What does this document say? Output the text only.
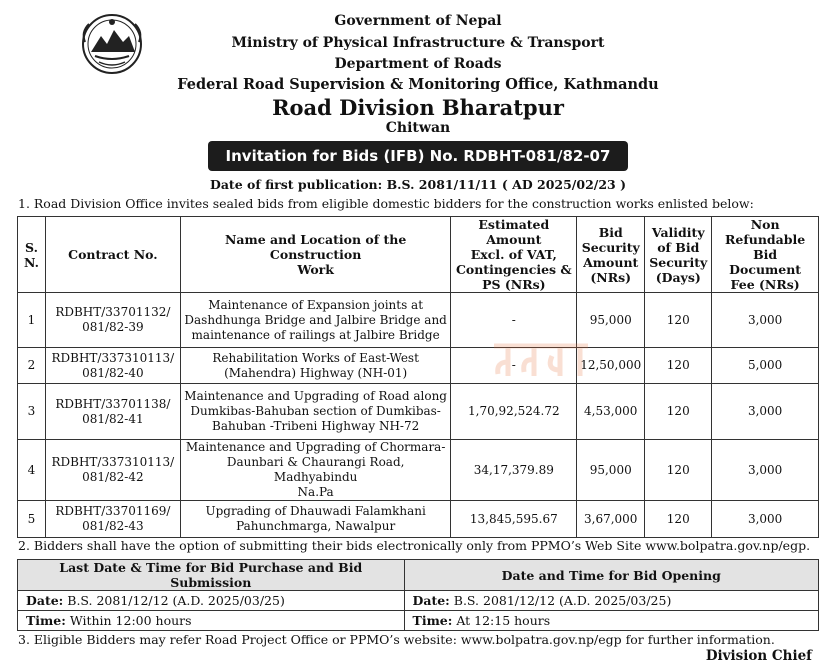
Government of Nepal
Ministry of Physical Infrastructure & Transport
Department of Roads
Federal Road Supervision & Monitoring Office, Kathmandu
Road Division Bharatpur
Chitwan
Invitation for Bids (IFB) No. RDBHT-081/82-07
Date of first publication: B.S. 2081/11/11 ( AD 2025/02/23 )
1. Road Division Office invites sealed bids from eligible domestic bidders for the construction works enlisted below:
S.
N.	Contract No.	Name and Location of the Construction
Work	Estimated Amount
Excl. of VAT,
Contingencies &
PS (NRs)	Bid
Security
Amount
(NRs)	Validity
of Bid
Security
(Days)	Non Refundable
Bid Document
Fee (NRs)
1	RDBHT/33701132/
081/82-39	Maintenance of Expansion joints at
Dashdhunga Bridge and Jalbire Bridge and
maintenance of railings at Jalbire Bridge	-	95,000	120	3,000
2	RDBHT/337310113/
081/82-40	Rehabilitation Works of East-West
(Mahendra) Highway (NH-01)	-	12,50,000	120	5,000
3	RDBHT/33701138/
081/82-41	Maintenance and Upgrading of Road along
Dumkibas-Bahuban section of Dumkibas-
Bahuban -Tribeni Highway NH-72	1,70,92,524.72	4,53,000	120	3,000
4	RDBHT/337310113/
081/82-42	Maintenance and Upgrading of Chormara-
Daunbari & Chaurangi Road, Madhyabindu
Na.Pa	34,17,379.89	95,000	120	3,000
5	RDBHT/33701169/
081/82-43	Upgrading of Dhauwadi Falamkhani
Pahunchmarga, Nawalpur	13,845,595.67	3,67,000	120	3,000
2. Bidders shall have the option of submitting their bids electronically only from PPMO’s Web Site www.bolpatra.gov.np/egp.
Last Date & Time for Bid Purchase and Bid Submission	Date and Time for Bid Opening
Date: B.S. 2081/12/12 (A.D. 2025/03/25)	Date: B.S. 2081/12/12 (A.D. 2025/03/25)
Time: Within 12:00 hours	Time: At 12:15 hours
3. Eligible Bidders may refer Road Project Office or PPMO’s website: www.bolpatra.gov.np/egp for further information.
Division Chief
